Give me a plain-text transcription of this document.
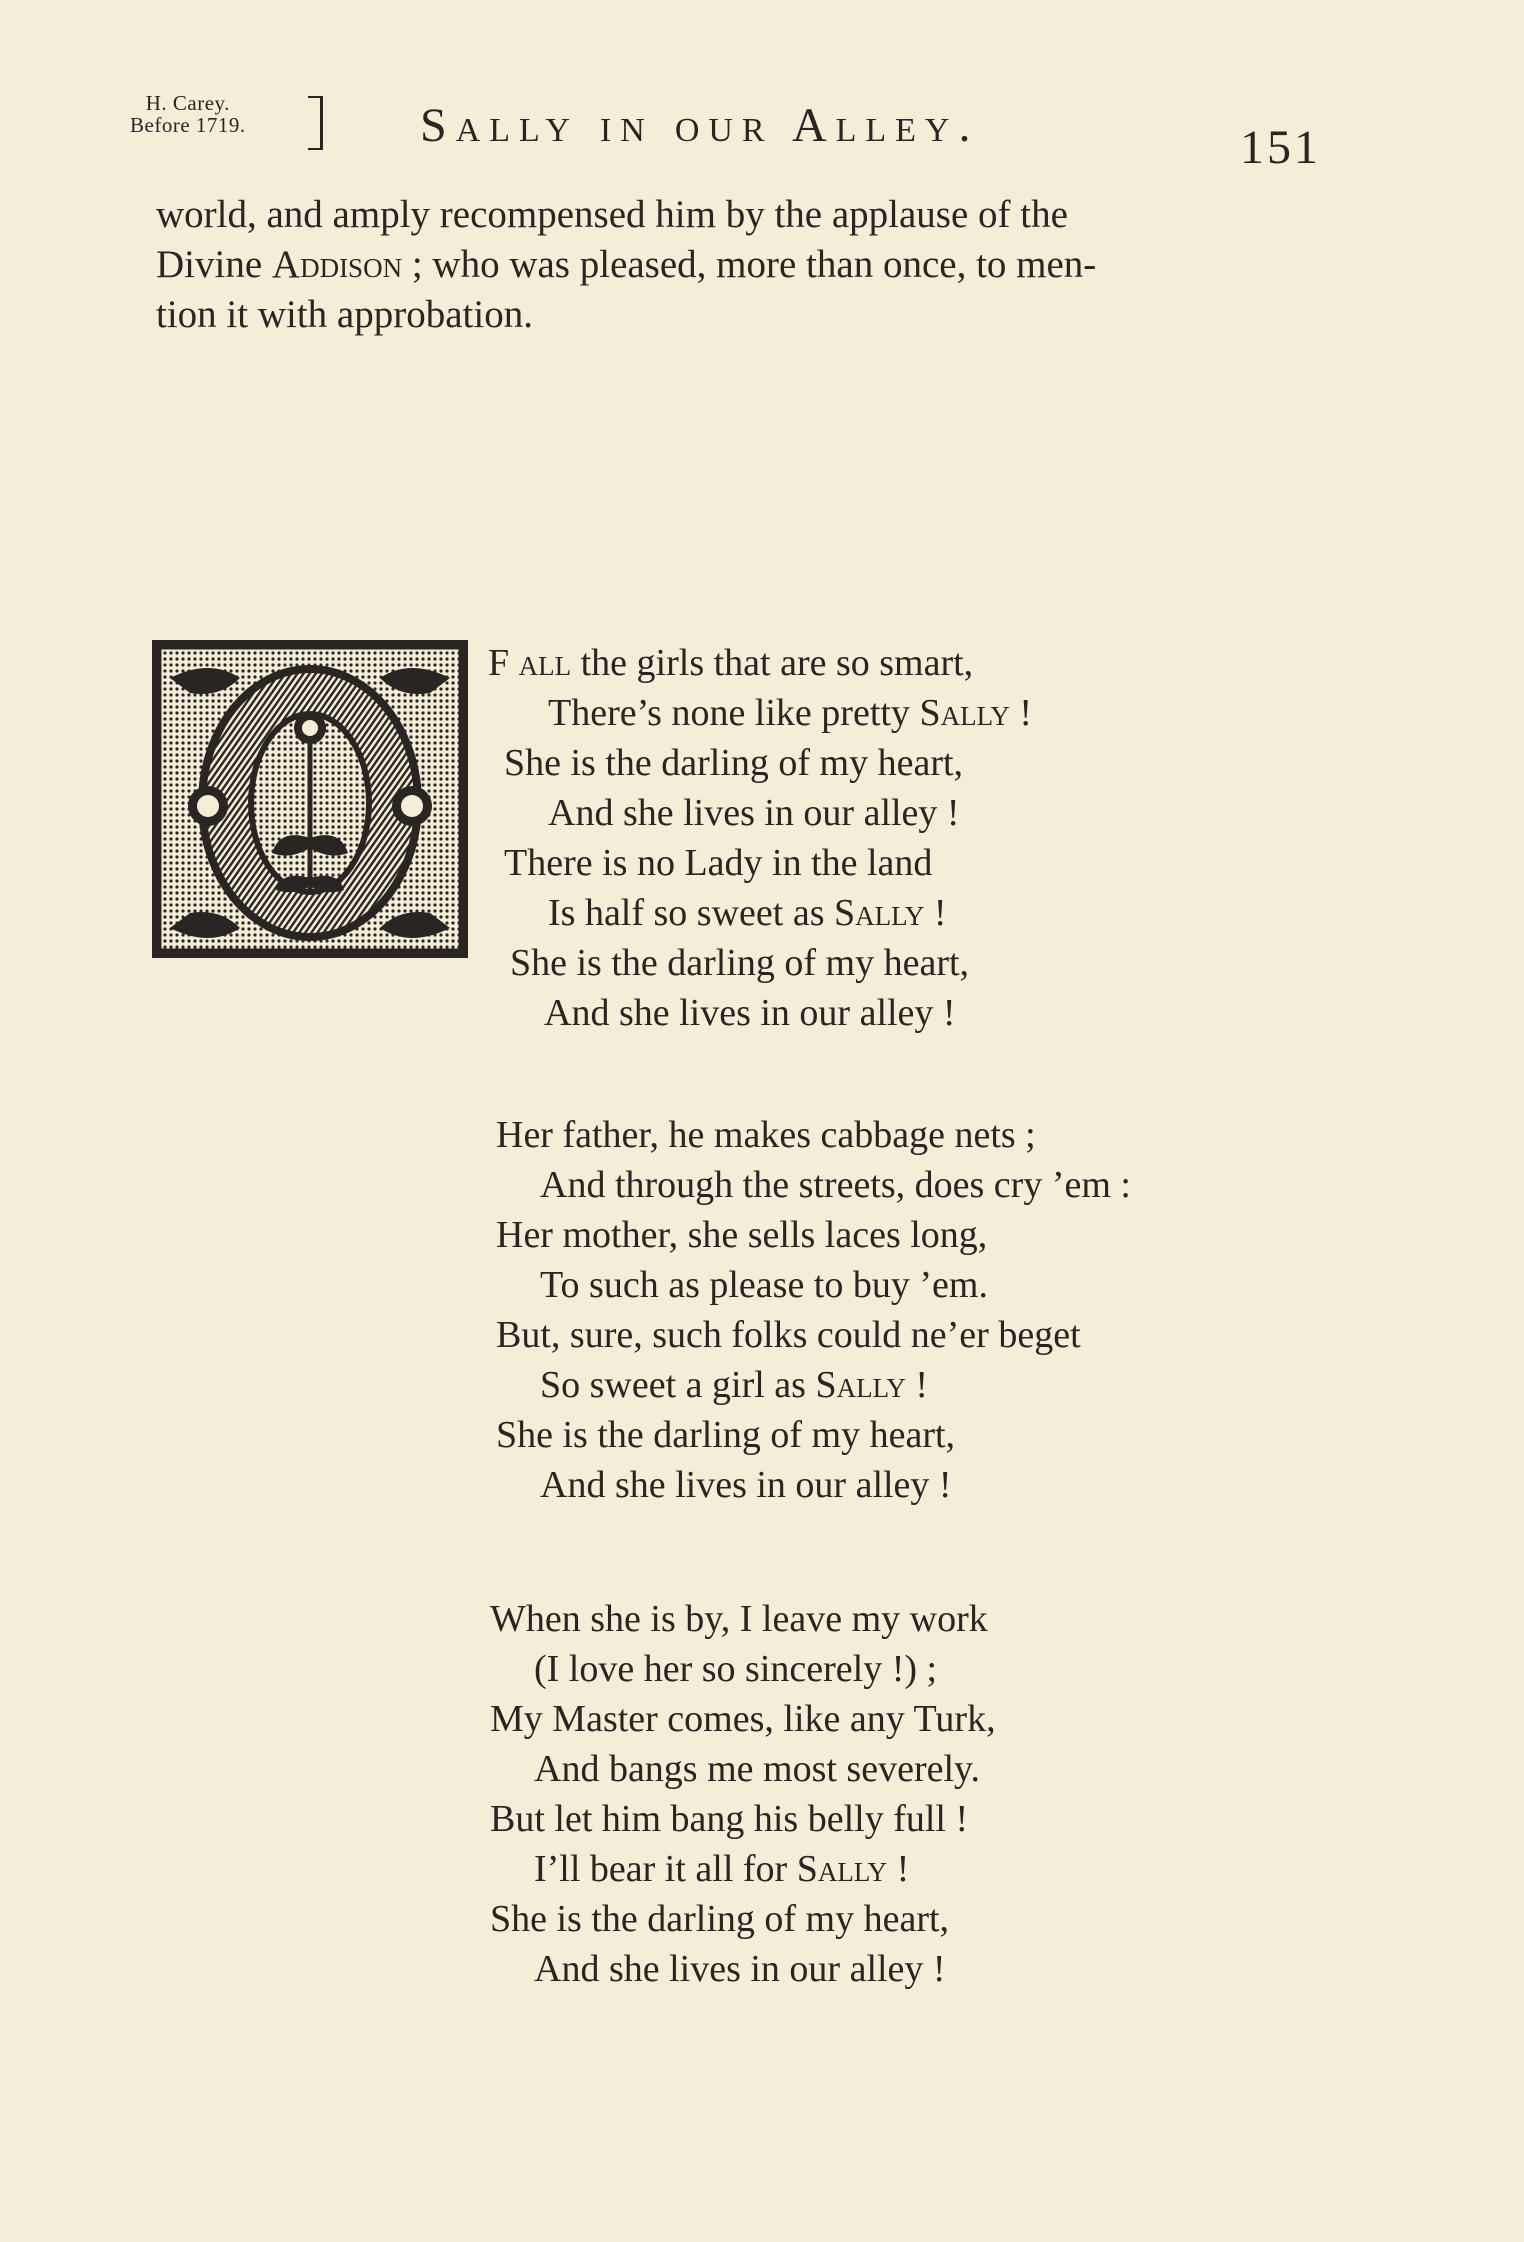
H. Carey.
Before 1719.	Sally in our Alley.	151
world, and amply recompensed him by the applause of the
Divine Addison ; who was pleased, more than once, to men-
tion it with approbation.
F all the girls that are so smart,
There’s none like pretty Sally !
She is the darling of my heart,
And she lives in our alley !
There is no Lady in the land
Is half so sweet as Sally !
She is the darling of my heart,
And she lives in our alley !
Her father, he makes cabbage nets ;
And through the streets, does cry ’em :
Her mother, she sells laces long,
To such as please to buy ’em.
But, sure, such folks could ne’er beget
So sweet a girl as Sally !
She is the darling of my heart,
And she lives in our alley !
When she is by, I leave my work
(I love her so sincerely !) ;
My Master comes, like any Turk,
And bangs me most severely.
But let him bang his belly full !
I’ll bear it all for Sally !
She is the darling of my heart,
And she lives in our alley !
